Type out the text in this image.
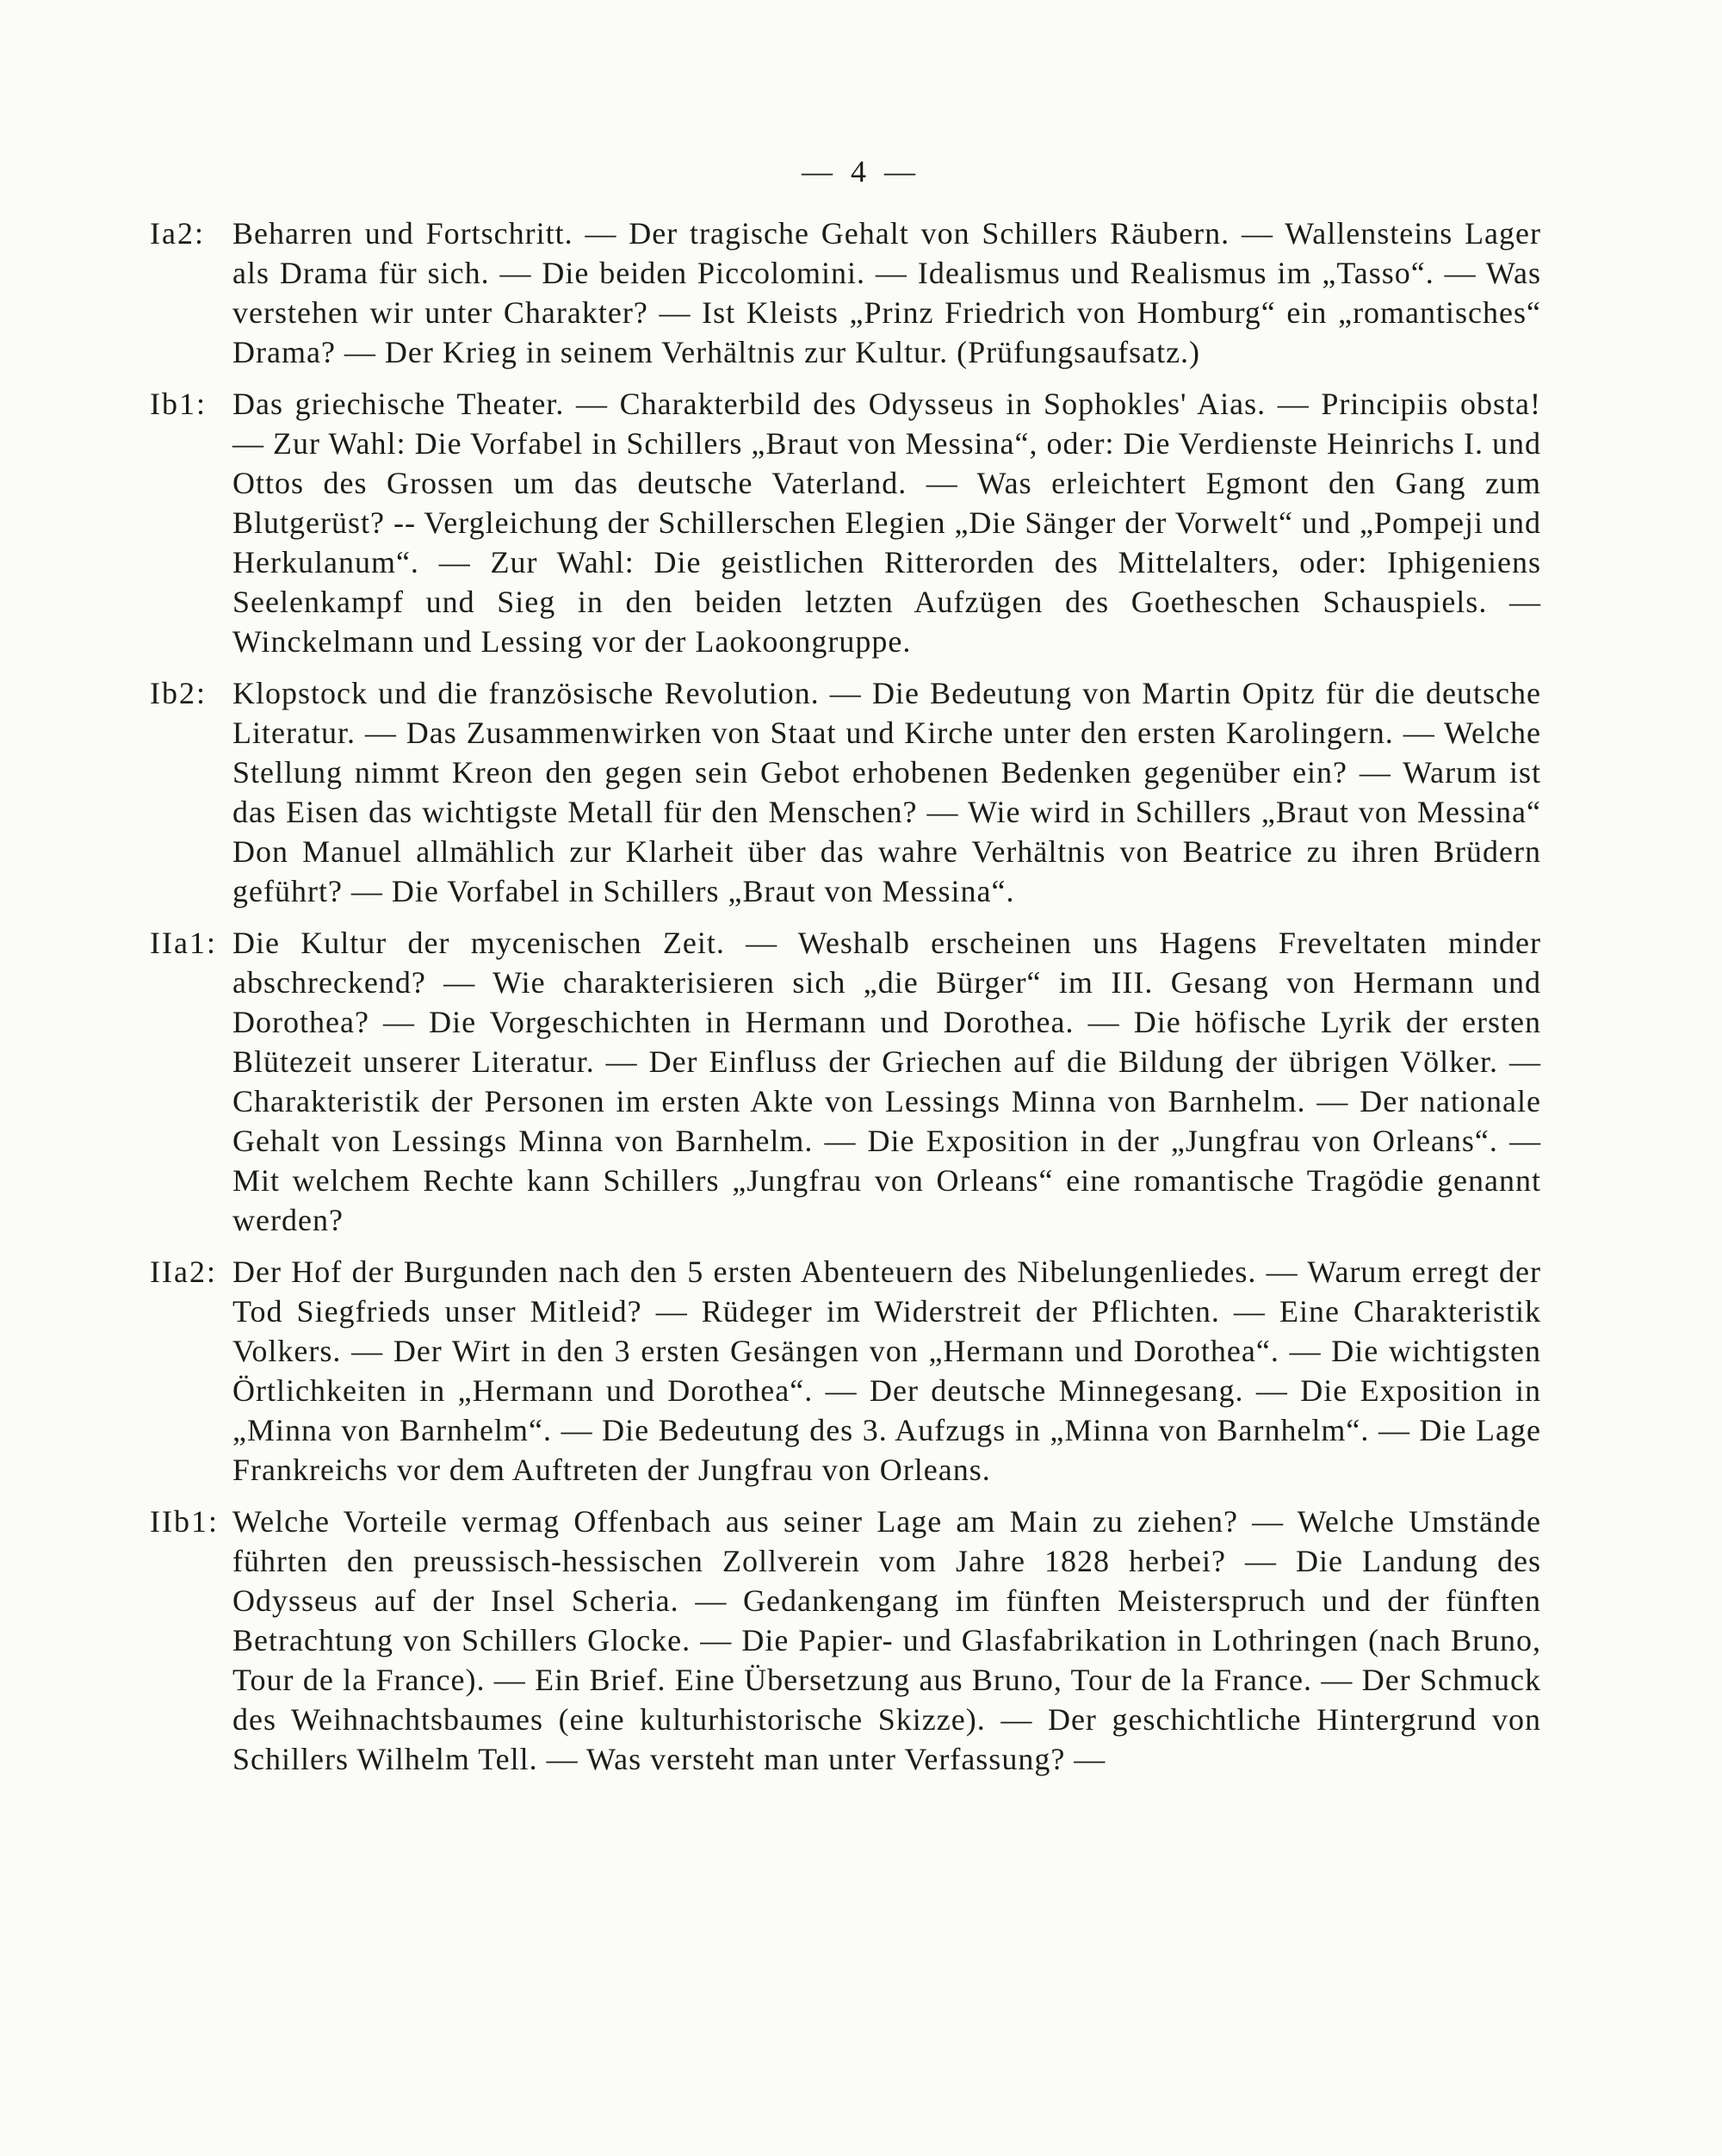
— 4 —
Ia2: Beharren und Fortschritt. — Der tragische Gehalt von Schillers Räubern. — Wallensteins Lager als Drama für sich. — Die beiden Piccolomini. — Idealismus und Realismus im „Tasso“. — Was verstehen wir unter Charakter? — Ist Kleists „Prinz Friedrich von Homburg“ ein „romantisches“ Drama? — Der Krieg in seinem Verhältnis zur Kultur. (Prüfungsaufsatz.)
Ib1: Das griechische Theater. — Charakterbild des Odysseus in Sophokles' Aias. — Principiis obsta! — Zur Wahl: Die Vorfabel in Schillers „Braut von Messina“, oder: Die Verdienste Heinrichs I. und Ottos des Grossen um das deutsche Vaterland. — Was erleichtert Egmont den Gang zum Blutgerüst? -- Vergleichung der Schillerschen Elegien „Die Sänger der Vorwelt“ und „Pompeji und Herkulanum“. — Zur Wahl: Die geistlichen Ritterorden des Mittelalters, oder: Iphigeniens Seelenkampf und Sieg in den beiden letzten Aufzügen des Goetheschen Schauspiels. — Winckelmann und Lessing vor der Laokoongruppe.
Ib2: Klopstock und die französische Revolution. — Die Bedeutung von Martin Opitz für die deutsche Literatur. — Das Zusammenwirken von Staat und Kirche unter den ersten Karolingern. — Welche Stellung nimmt Kreon den gegen sein Gebot erhobenen Bedenken gegenüber ein? — Warum ist das Eisen das wichtigste Metall für den Menschen? — Wie wird in Schillers „Braut von Messina“ Don Manuel allmählich zur Klarheit über das wahre Verhältnis von Beatrice zu ihren Brüdern geführt? — Die Vorfabel in Schillers „Braut von Messina“.
IIa1: Die Kultur der mycenischen Zeit. — Weshalb erscheinen uns Hagens Freveltaten minder abschreckend? — Wie charakterisieren sich „die Bürger“ im III. Gesang von Hermann und Dorothea? — Die Vorgeschichten in Hermann und Dorothea. — Die höfische Lyrik der ersten Blütezeit unserer Literatur. — Der Einfluss der Griechen auf die Bildung der übrigen Völker. — Charakteristik der Personen im ersten Akte von Lessings Minna von Barnhelm. — Der nationale Gehalt von Lessings Minna von Barnhelm. — Die Exposition in der „Jungfrau von Orleans“. — Mit welchem Rechte kann Schillers „Jungfrau von Orleans“ eine romantische Tragödie genannt werden?
IIa2: Der Hof der Burgunden nach den 5 ersten Abenteuern des Nibelungenliedes. — Warum erregt der Tod Siegfrieds unser Mitleid? — Rüdeger im Widerstreit der Pflichten. — Eine Charakteristik Volkers. — Der Wirt in den 3 ersten Gesängen von „Hermann und Dorothea“. — Die wichtigsten Örtlichkeiten in „Hermann und Dorothea“. — Der deutsche Minnegesang. — Die Exposition in „Minna von Barnhelm“. — Die Bedeutung des 3. Aufzugs in „Minna von Barnhelm“. — Die Lage Frankreichs vor dem Auftreten der Jungfrau von Orleans.
IIb1: Welche Vorteile vermag Offenbach aus seiner Lage am Main zu ziehen? — Welche Umstände führten den preussisch-hessischen Zollverein vom Jahre 1828 herbei? — Die Landung des Odysseus auf der Insel Scheria. — Gedankengang im fünften Meisterspruch und der fünften Betrachtung von Schillers Glocke. — Die Papier- und Glasfabrikation in Lothringen (nach Bruno, Tour de la France). — Ein Brief. Eine Übersetzung aus Bruno, Tour de la France. — Der Schmuck des Weihnachtsbaumes (eine kulturhistorische Skizze). — Der geschichtliche Hintergrund von Schillers Wilhelm Tell. — Was versteht man unter Verfassung? —
